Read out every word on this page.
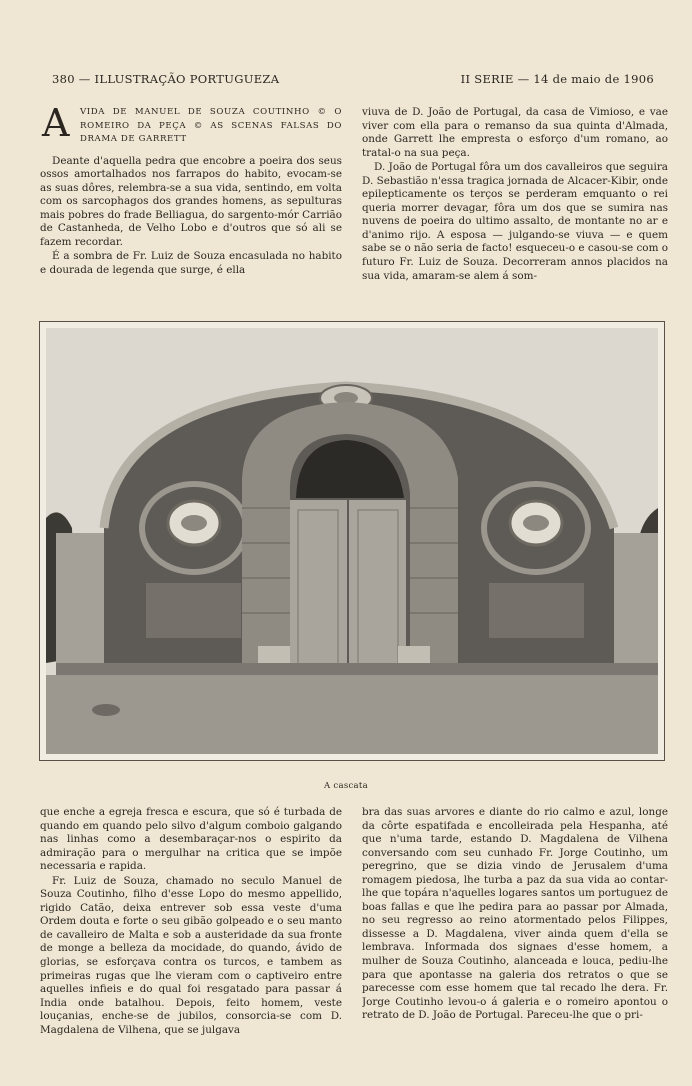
380 — ILLUSTRAÇÃO PORTUGUEZA	II SERIE — 14 de maio de 1906
A VIDA DE MANUEL DE SOUZA COUTINHO © O ROMEIRO DA PEÇA © AS SCENAS FALSAS DO DRAMA DE GARRETT

Deante d'aquella pedra que encobre a poeira dos seus ossos amortalhados nos farrapos do habito, evocam-se as suas dôres, relembra-se a sua vida, sentindo, em volta com os sarcophagos dos grandes homens, as sepulturas mais pobres do frade Belliagua, do sargento-mór Carrião de Castanheda, de Velho Lobo e d'outros que só ali se fazem recordar.

É a sombra de Fr. Luiz de Souza encasulada no habito e dourada de legenda que surge, é ella

viuva de D. João de Portugal, da casa de Vimioso, e vae viver com ella para o remanso da sua quinta d'Almada, onde Garrett lhe empresta o esforço d'um romano, ao tratal-o na sua peça.

D. João de Portugal fôra um dos cavalleiros que seguira D. Sebastião n'essa tragica jornada de Alcacer-Kibir, onde epilepticamente os terços se perderam emquanto o rei queria morrer devagar, fôra um dos que se sumira nas nuvens de poeira do ultimo assalto, de montante no ar e d'animo rijo. A esposa — julgando-se viuva — e quem sabe se o não seria de facto! esqueceu-o e casou-se com o futuro Fr. Luiz de Souza. Decorreram annos placidos na sua vida, amaram-se alem á som-

A cascata

que enche a egreja fresca e escura, que só é turbada de quando em quando pelo silvo d'algum comboio galgando nas linhas como a desembaraçar-nos o espirito da admiração para o mergulhar na critica que se impõe necessaria e rapida.

Fr. Luiz de Souza, chamado no seculo Manuel de Souza Coutinho, filho d'esse Lopo do mesmo appellido, rigido Catão, deixa entrever sob essa veste d'uma Ordem douta e forte o seu gibão golpeado e o seu manto de cavalleiro de Malta e sob a austeridade da sua fronte de monge a belleza da mocidade, do quando, ávido de glorias, se esforçava contra os turcos, e tambem as primeiras rugas que lhe vieram com o captiveiro entre aquelles infieis e do qual foi resgatado para passar á India onde batalhou. Depois, feito homem, veste louçanias, enche-se de jubilos, consorcia-se com D. Magdalena de Vilhena, que se julgava

bra das suas arvores e diante do rio calmo e azul, longe da côrte espatifada e encolleirada pela Hespanha, até que n'uma tarde, estando D. Magdalena de Vilhena conversando com seu cunhado Fr. Jorge Coutinho, um peregrino, que se dizia vindo de Jerusalem d'uma romagem piedosa, lhe turba a paz da sua vida ao contar-lhe que topára n'aquelles logares santos um portuguez de boas fallas e que lhe pedira para ao passar por Almada, no seu regresso ao reino atormentado pelos Filippes, dissesse a D. Magdalena, viver ainda quem d'ella se lembrava. Informada dos signaes d'esse homem, a mulher de Souza Coutinho, alanceada e louca, pediu-lhe para que apontasse na galeria dos retratos o que se parecesse com esse homem que tal recado lhe dera. Fr. Jorge Coutinho levou-o á galeria e o romeiro apontou o retrato de D. João de Portugal. Pareceu-lhe que o pri-
